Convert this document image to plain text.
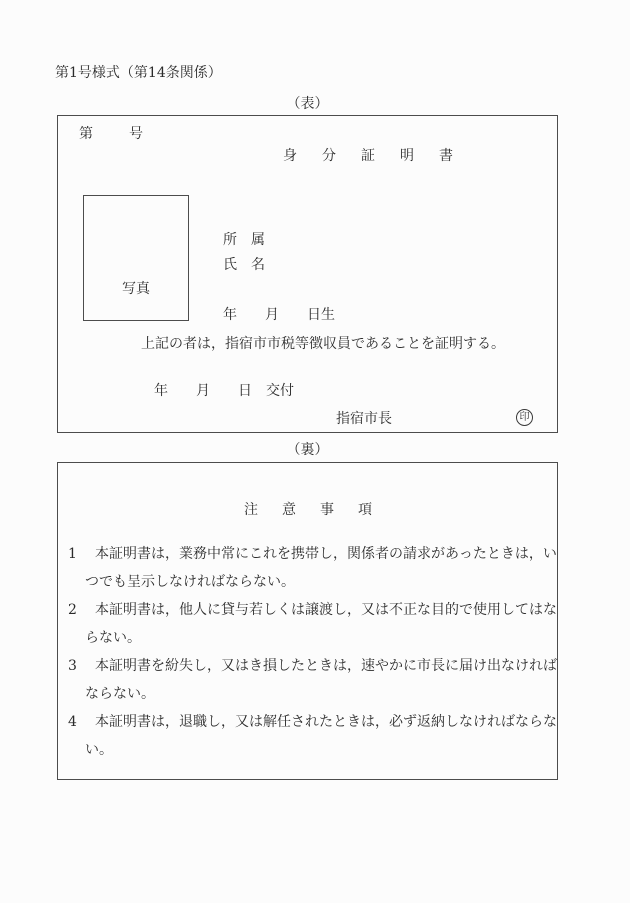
第1号様式（第14条関係）
（表）
第	号
身分証明書
写真
所　属
氏　名
年　　月　　日生
上記の者は，指宿市市税等徴収員であることを証明する。
年　　月　　日　交付
指宿市長	印
（裏）
注意事項
1 本証明書は，業務中常にこれを携帯し，関係者の請求があったときは，い
つでも呈示しなければならない。
2 本証明書は，他人に貸与若しくは譲渡し，又は不正な目的で使用してはな
らない。
3 本証明書を紛失し，又はき損したときは，速やかに市長に届け出なければ
ならない。
4 本証明書は，退職し，又は解任されたときは，必ず返納しなければならな
い。
